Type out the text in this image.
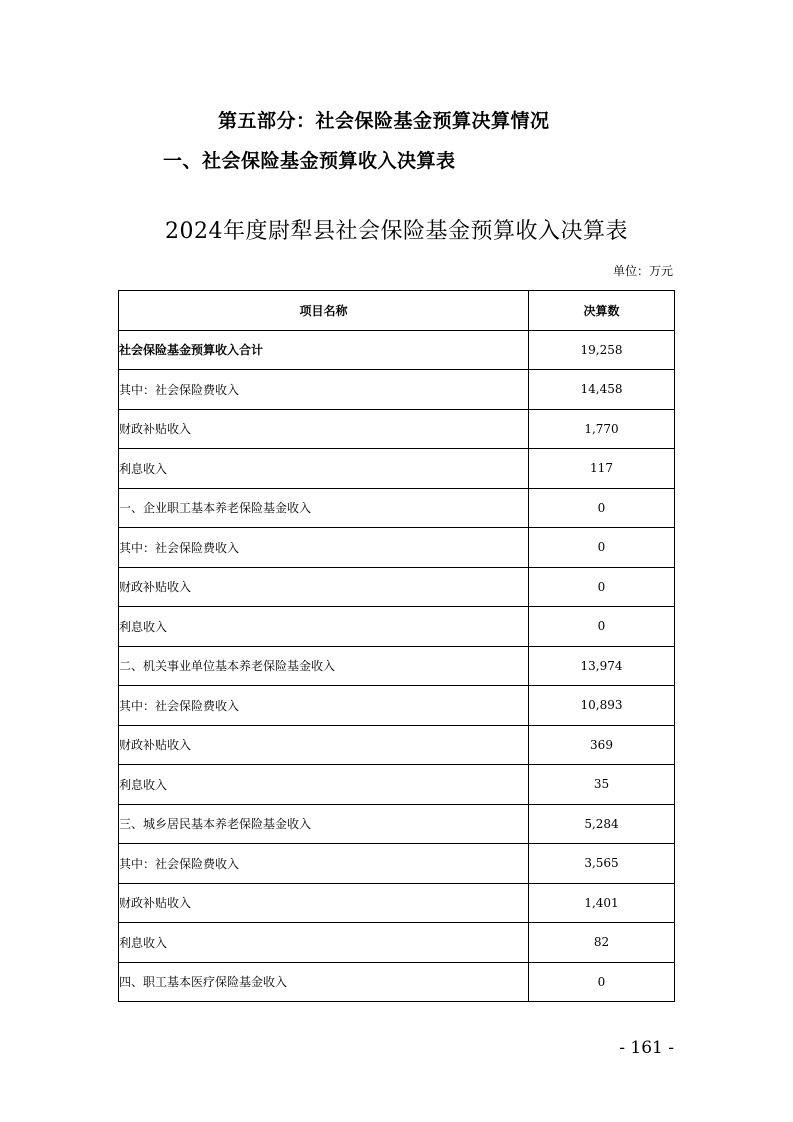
第五部分：社会保险基金预算决算情况
一、社会保险基金预算收入决算表
2024年度尉犁县社会保险基金预算收入决算表
单位：万元
项目名称	决算数
社会保险基金预算收入合计	19,258
其中：社会保险费收入	14,458
财政补贴收入	1,770
利息收入	117
一、企业职工基本养老保险基金收入	0
其中：社会保险费收入	0
财政补贴收入	0
利息收入	0
二、机关事业单位基本养老保险基金收入	13,974
其中：社会保险费收入	10,893
财政补贴收入	369
利息收入	35
三、城乡居民基本养老保险基金收入	5,284
其中：社会保险费收入	3,565
财政补贴收入	1,401
利息收入	82
四、职工基本医疗保险基金收入	0
- 161 -
